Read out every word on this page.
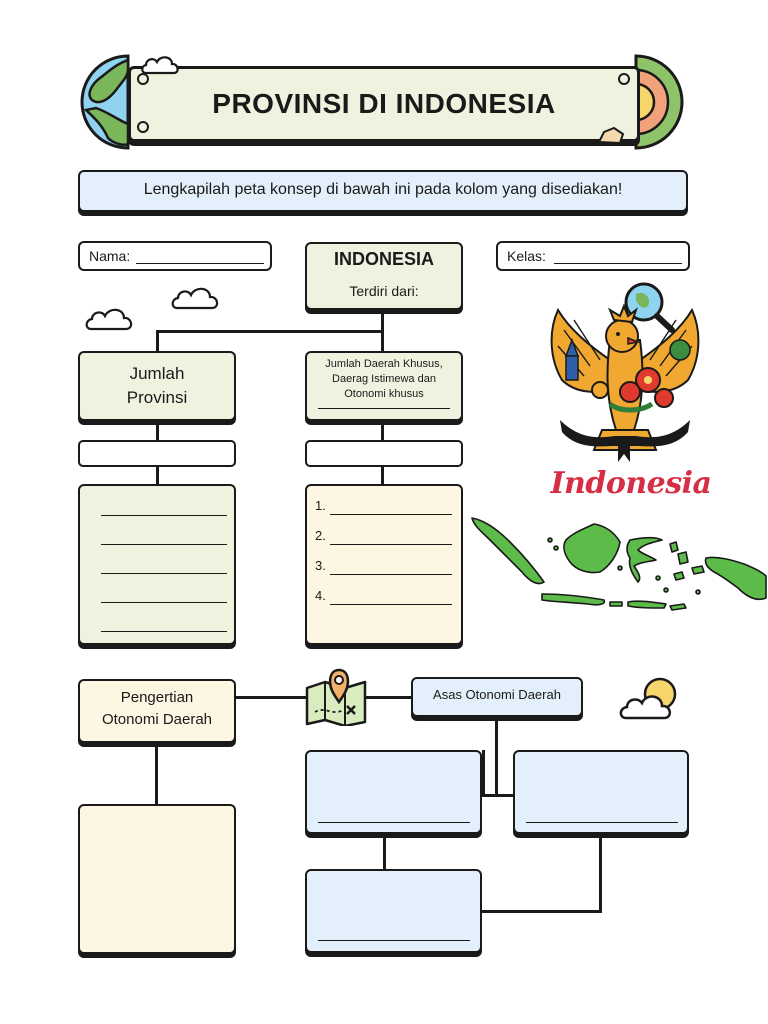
PROVINSI DI INDONESIA
Lengkapilah peta konsep di bawah ini pada kolom yang disediakan!
Nama:	Kelas:
INDONESIA
Terdiri dari:
Jumlah
Provinsi
Jumlah Daerah Khusus,
Daerag Istimewa dan
Otonomi khusus
1.
2.
3.
4.
Indonesia
Pengertian
Otonomi Daerah
Asas Otonomi Daerah
